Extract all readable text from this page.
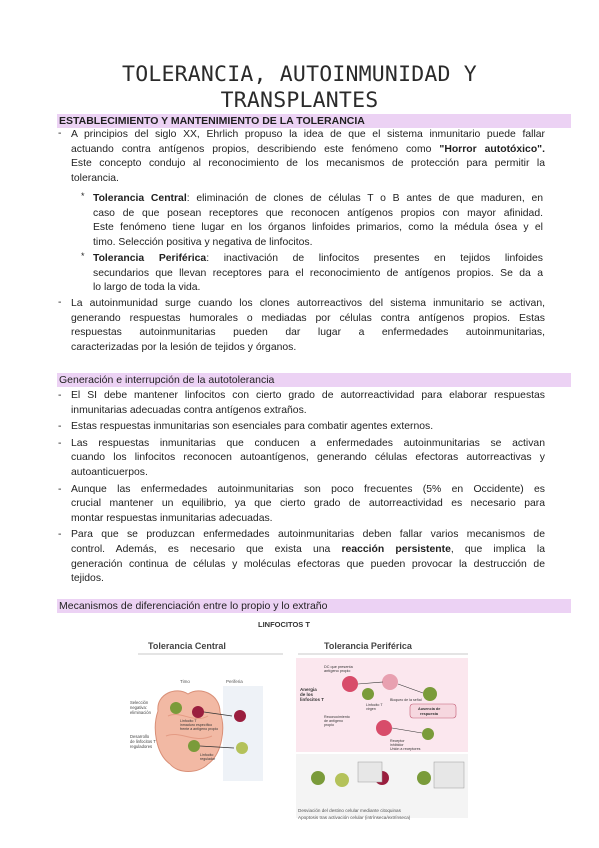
TOLERANCIA, AUTOINMUNIDAD Y
TRANSPLANTES
ESTABLECIMIENTO Y MANTENIMIENTO DE LA TOLERANCIA
- A principios del siglo XX, Ehrlich propuso la idea de que el sistema inmunitario puede fallar
actuando contra antígenos propios, describiendo este fenómeno como "Horror autotóxico".
Este concepto condujo al reconocimiento de los mecanismos de protección para permitir la
tolerancia.
* Tolerancia Central: eliminación de clones de células T o B antes de que maduren, en
caso de que posean receptores que reconocen antígenos propios con mayor afinidad.
Este fenómeno tiene lugar en los órganos linfoides primarios, como la médula ósea y el
timo. Selección positiva y negativa de linfocitos.
* Tolerancia Periférica: inactivación de linfocitos presentes en tejidos linfoides
secundarios que llevan receptores para el reconocimiento de antígenos propios. Se da a
lo largo de toda la vida.
- La autoinmunidad surge cuando los clones autorreactivos del sistema inmunitario se activan,
generando respuestas humorales o mediadas por células contra antígenos propios. Estas
respuestas autoinmunitarias pueden dar lugar a enfermedades autoinmunitarias,
caracterizadas por la lesión de tejidos y órganos.
Generación e interrupción de la autotolerancia
- El SI debe mantener linfocitos con cierto grado de autorreactividad para elaborar respuestas
inmunitarias adecuadas contra antígenos extraños.
- Estas respuestas inmunitarias son esenciales para combatir agentes externos.
- Las respuestas inmunitarias que conducen a enfermedades autoinmunitarias se activan
cuando los linfocitos reconocen autoantígenos, generando células efectoras autorreactivas y
autoanticuerpos.
- Aunque las enfermedades autoinmunitarias son poco frecuentes (5% en Occidente) es
crucial mantener un equilibrio, ya que cierto grado de autorreactividad es necesario para
montar respuestas inmunitarias adecuadas.
- Para que se produzcan enfermedades autoinmunitarias deben fallar varios mecanismos de
control. Además, es necesario que exista una reacción persistente, que implica la
generación continua de células y moléculas efectoras que pueden provocar la destrucción de
tejidos.
Mecanismos de diferenciación entre lo propio y lo extraño
LINFOCITOS T
Tolerancia Central	Tolerancia Periférica
Timo	Periferia
Selección
negativa:
eliminación
Desarrollo
de linfocitos T
reguladores
Linfocito T
inmaduro específico
frente a antígeno propio
Linfocito
regulador
DC que presenta
antígeno propio
Anergia
de los
linfocitos T
Ausencia de
respuesta
Bloqueo de la señal
Linfocito T
virgen
Reconocimiento
de antígeno
propio
Receptor
inhibidor
Unión a receptores
Desviación del destino celular mediante citoquinas
Apoptosis tras activación celular (intrínseca/extrínseca)
